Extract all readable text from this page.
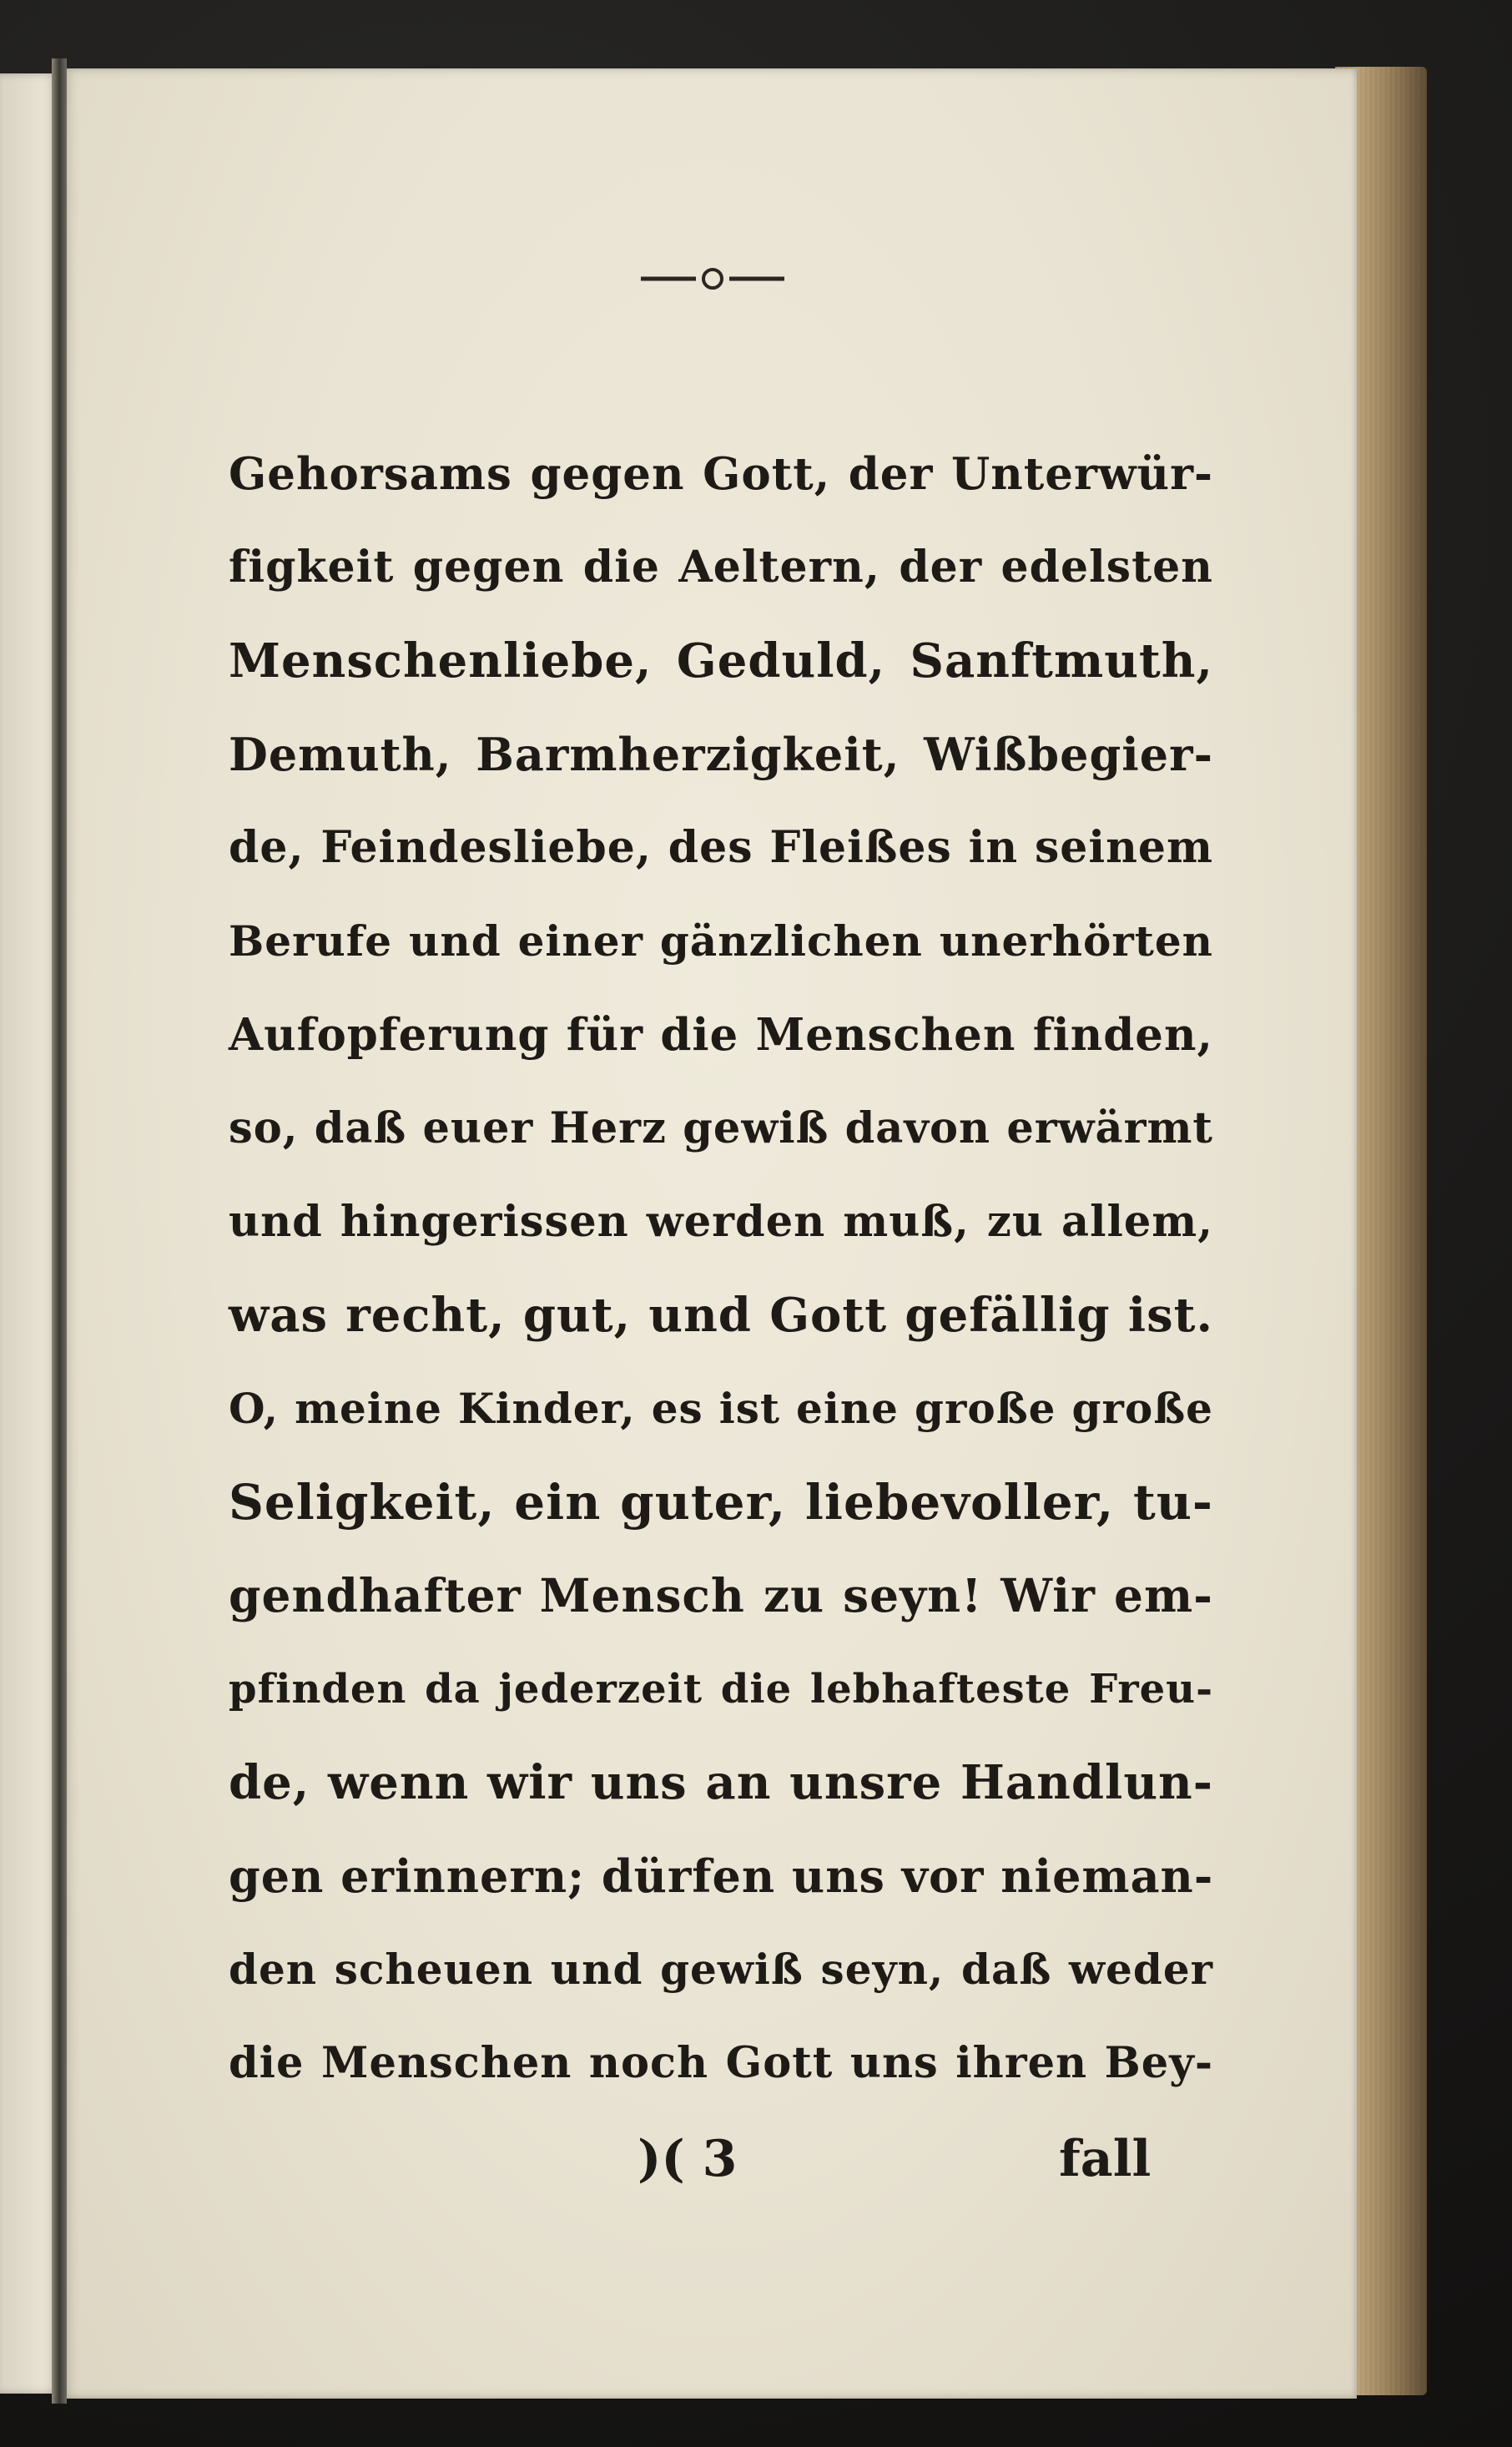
Gehorsams gegen Gott, der Unterwür-
figkeit gegen die Aeltern, der edelsten
Menschenliebe, Geduld, Sanftmuth,
Demuth, Barmherzigkeit, Wißbegier-
de, Feindesliebe, des Fleißes in seinem
Berufe und einer gänzlichen unerhörten
Aufopferung für die Menschen finden,
so, daß euer Herz gewiß davon erwärmt
und hingerissen werden muß, zu allem,
was recht, gut, und Gott gefällig ist.
O, meine Kinder, es ist eine große große
Seligkeit, ein guter, liebevoller, tu-
gendhafter Mensch zu seyn! Wir em-
pfinden da jederzeit die lebhafteste Freu-
de, wenn wir uns an unsre Handlun-
gen erinnern; dürfen uns vor nieman-
den scheuen und gewiß seyn, daß weder
die Menschen noch Gott uns ihren Bey-
)( 3	fall
